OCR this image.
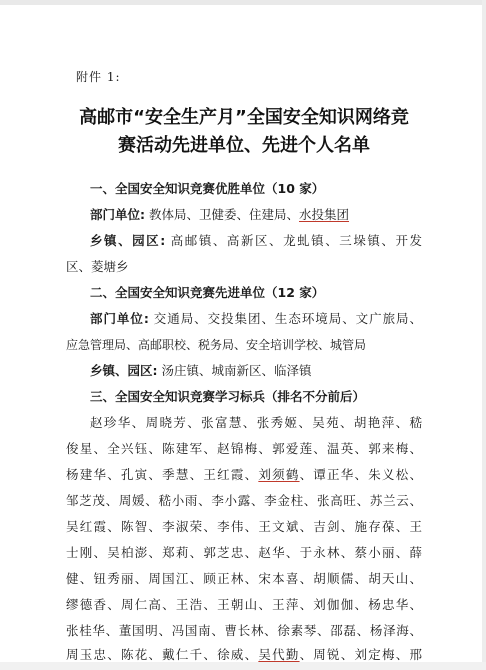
附件 1:
高邮市“安全生产月”全国安全知识网络竞
赛活动先进单位、先进个人名单
一、全国安全知识竞赛优胜单位（10 家）
部门单位: 教体局、卫健委、住建局、水投集团
乡镇、园区: 高邮镇、高新区、龙虬镇、三垛镇、开发
区、菱塘乡
二、全国安全知识竞赛先进单位（12 家）
部门单位: 交通局、交投集团、生态环境局、文广旅局、
应急管理局、高邮职校、税务局、安全培训学校、城管局
乡镇、园区: 汤庄镇、城南新区、临泽镇
三、全国安全知识竞赛学习标兵（排名不分前后）
赵珍华、周晓芳、张富慧、张秀姬、吴苑、胡艳萍、嵇
俊星、全兴钰、陈建军、赵锦梅、郭爱莲、温英、郭来梅、
杨建华、孔寅、季慧、王红霞、刘须鹤、谭正华、朱义松、
邹芝茂、周媛、嵇小雨、李小露、李金柱、张高旺、苏兰云、
吴红霞、陈智、李淑荣、李伟、王文斌、吉剑、施存葆、王
士刚、吴柏澎、郑莉、郭芝忠、赵华、于永林、蔡小丽、薛
健、钮秀丽、周国江、顾正林、宋本喜、胡顺儒、胡天山、
缪德香、周仁高、王浩、王朝山、王萍、刘伽伽、杨忠华、
张桂华、董国明、冯国南、曹长林、徐素琴、邵磊、杨泽海、
周玉忠、陈花、戴仁千、徐威、吴代勤、周锐、刘定梅、邢
